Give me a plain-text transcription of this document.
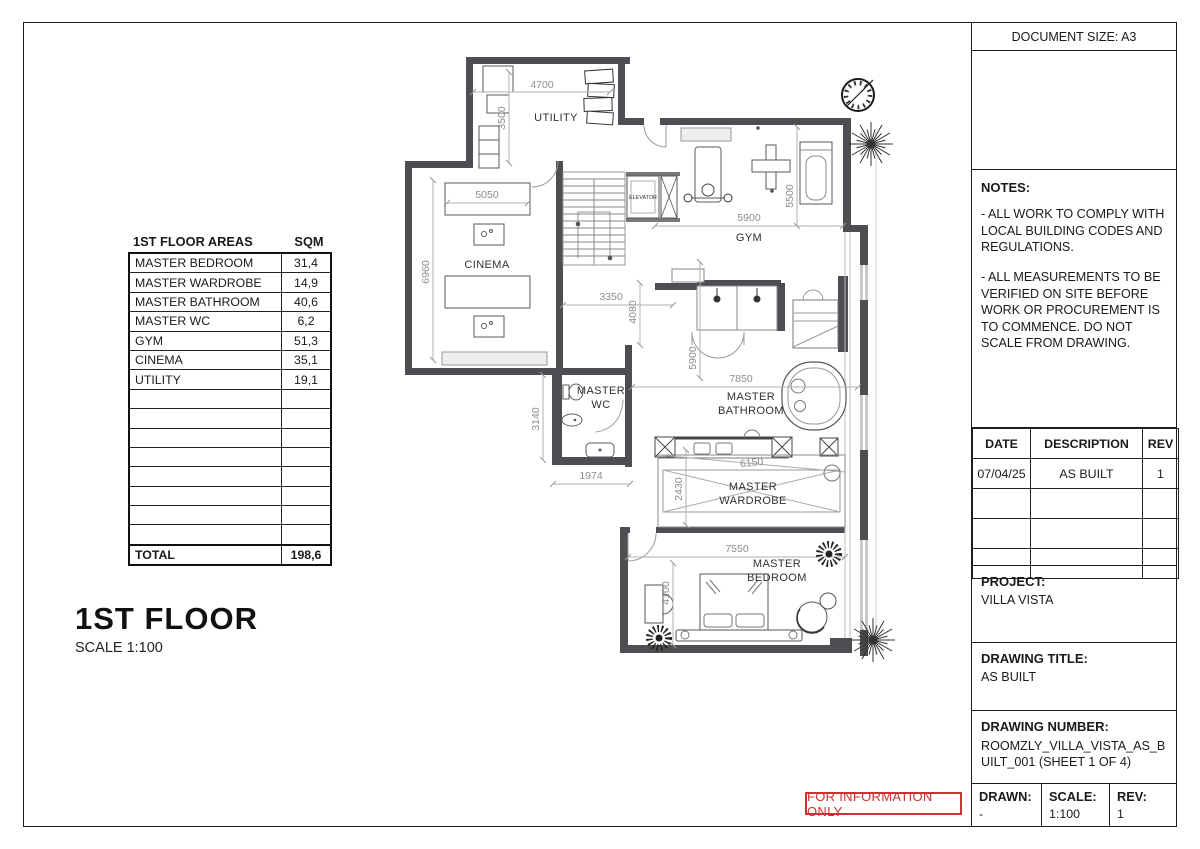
ELEVATOR
4700
3500
5050
6960
5900
5500
3350
4080
5900
7850
6150
2430
7550
4100
3140
1974
UTILITY
CINEMA
GYM
MASTER
WC
MASTER
BATHROOM
MASTER
WARDROBE
MASTER
BEDROOM
1ST FLOOR AREAS	SQM
MASTER BEDROOM	31,4
MASTER WARDROBE	14,9
MASTER BATHROOM	40,6
MASTER WC	6,2
GYM	51,3
CINEMA	35,1
UTILITY	19,1

TOTAL	198,6
1ST FLOOR
SCALE 1:100
DOCUMENT SIZE: A3
NOTES:

- ALL WORK TO COMPLY WITH LOCAL BUILDING CODES AND REGULATIONS.

- ALL MEASUREMENTS TO BE VERIFIED ON SITE BEFORE WORK OR PROCUREMENT IS TO COMMENCE. DO NOT SCALE FROM DRAWING.

DATE	DESCRIPTION	REV
07/04/25	AS BUILT	1

PROJECT:
VILLA VISTA
DRAWING TITLE:
AS BUILT
DRAWING NUMBER:
ROOMZLY_VILLA_VISTA_AS_BUILT_001 (SHEET 1 OF 4)
DRAWN:
-
SCALE:
1:100
REV:
1
FOR INFORMATION ONLY
